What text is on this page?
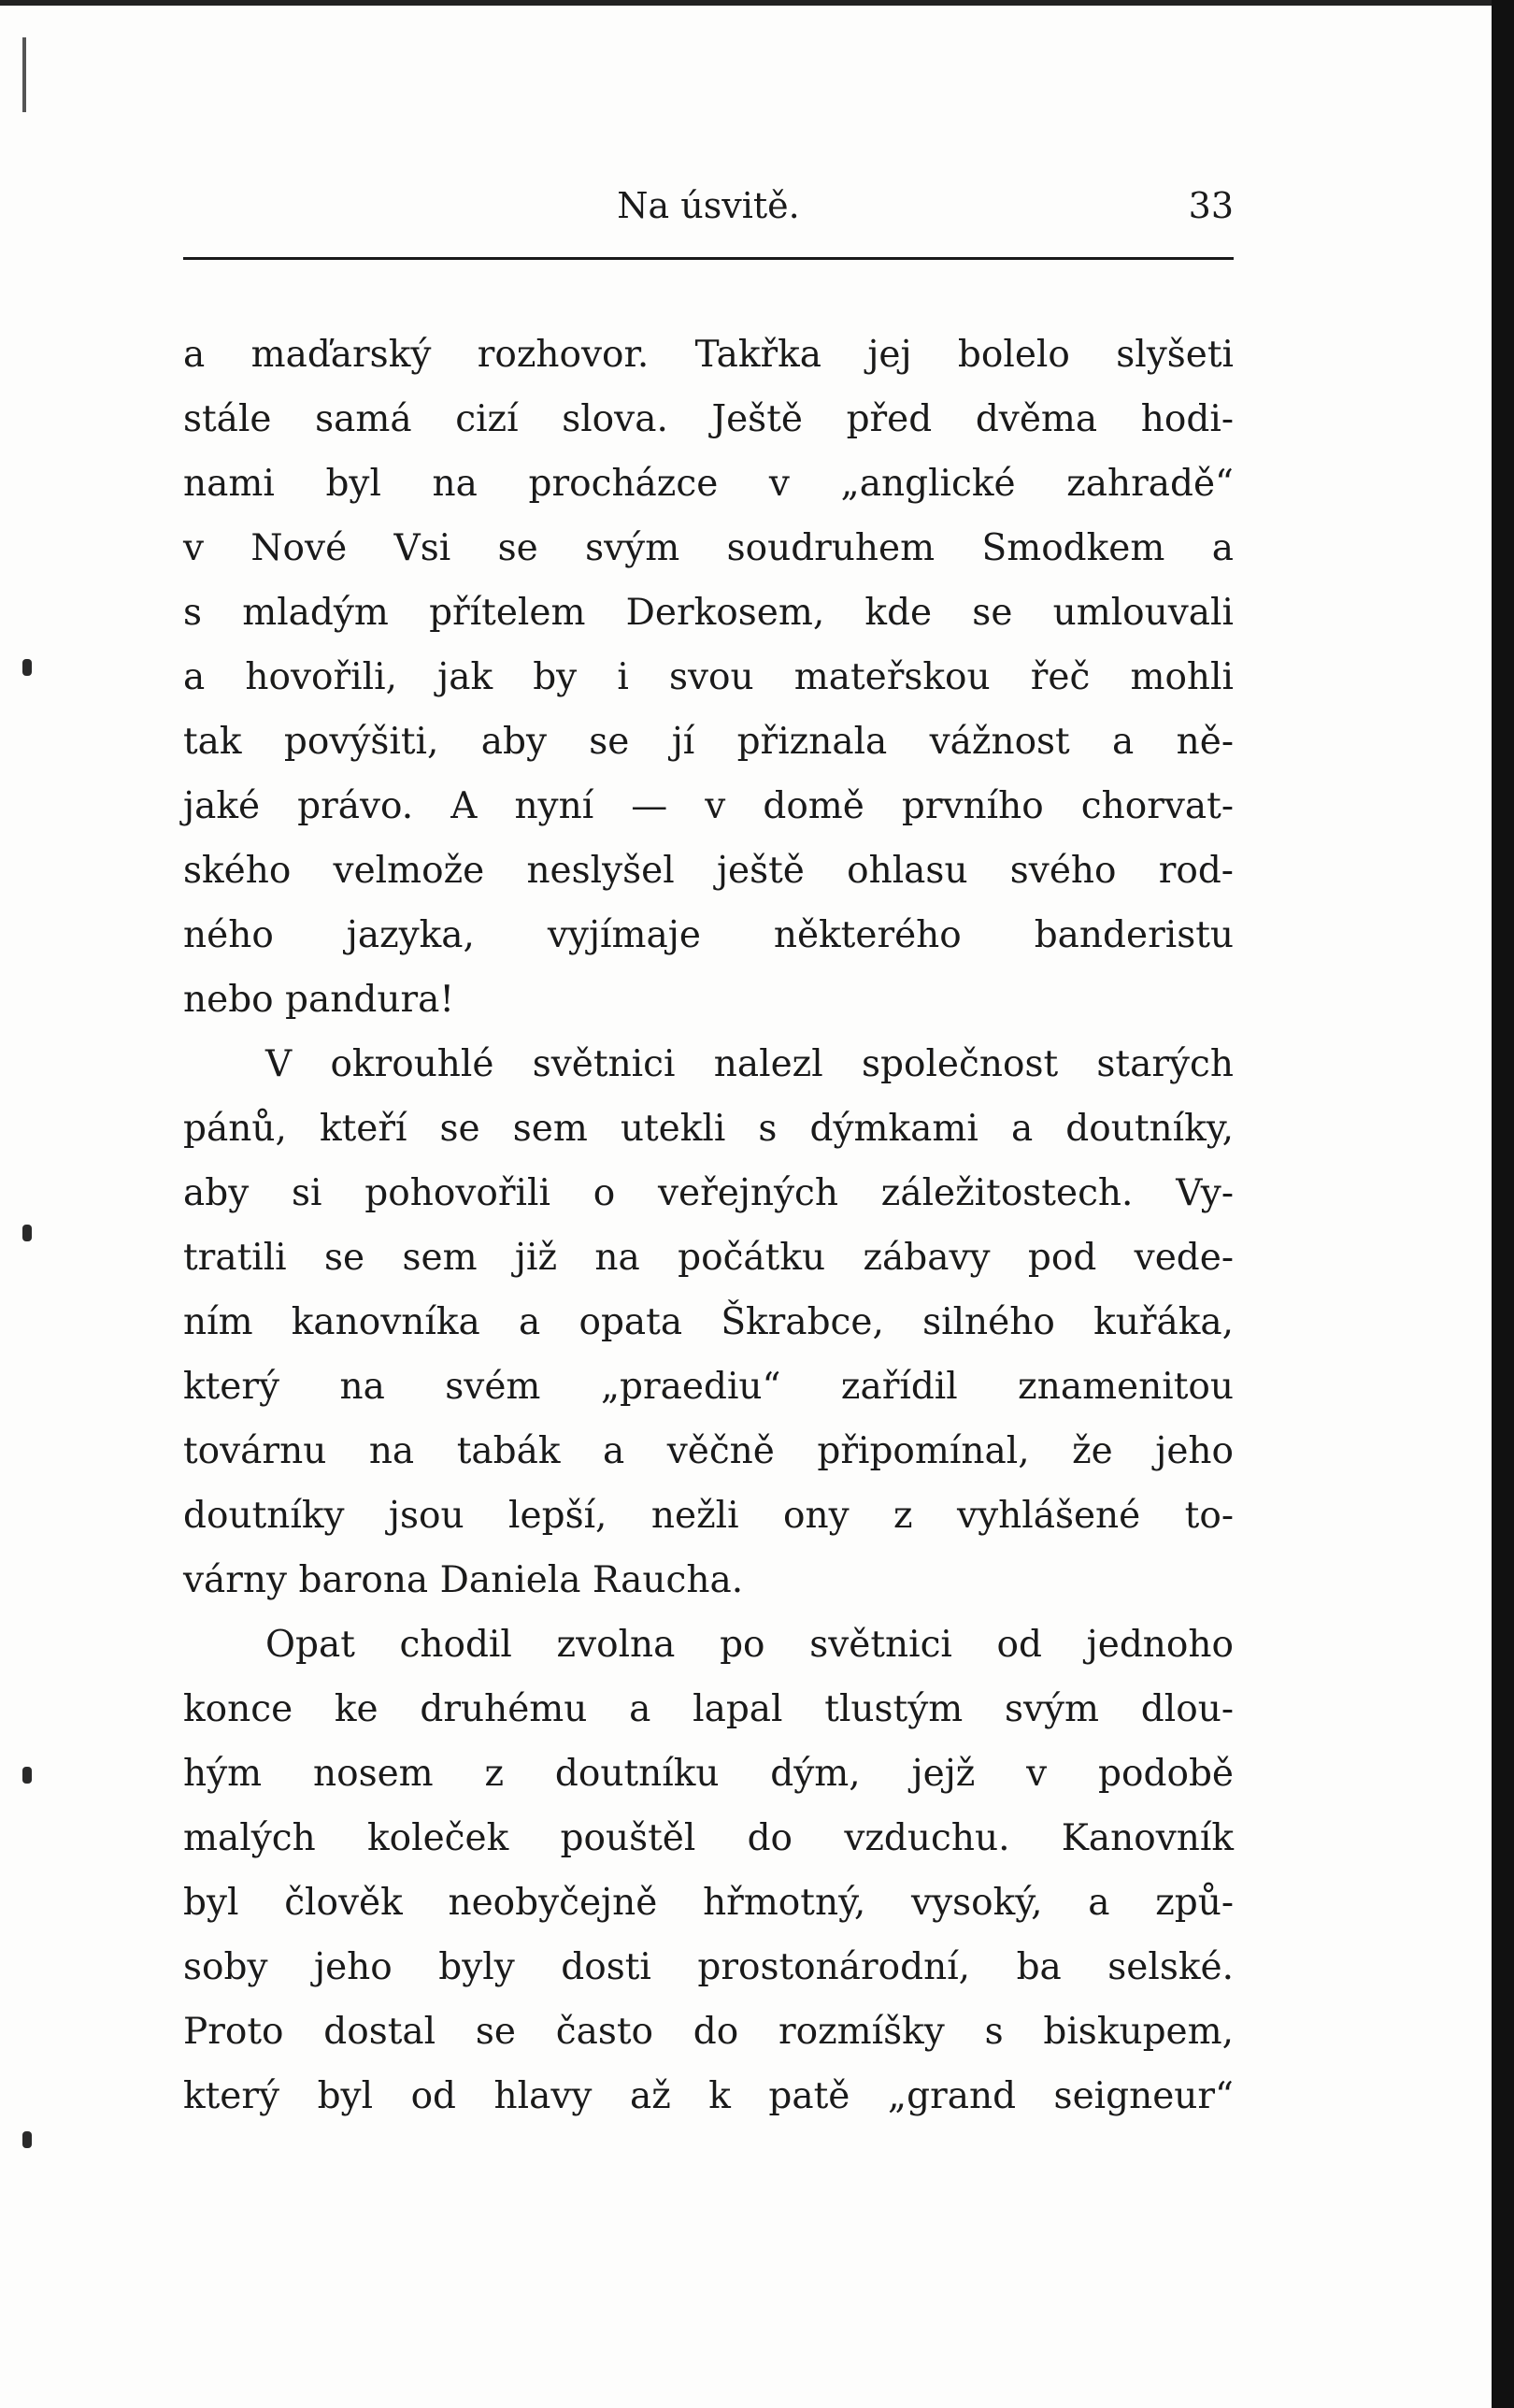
Na úsvitě.	33
a maďarský rozhovor. Takřka jej bolelo slyšeti
stále samá cizí slova. Ještě před dvěma hodi-
nami byl na procházce v „anglické zahradě“
v Nové Vsi se svým soudruhem Smodkem a
s mladým přítelem Derkosem, kde se umlouvali
a hovořili, jak by i svou mateřskou řeč mohli
tak povýšiti, aby se jí přiznala vážnost a ně-
jaké právo. A nyní — v domě prvního chorvat-
ského velmože neslyšel ještě ohlasu svého rod-
ného jazyka, vyjímaje některého banderistu
nebo pandura!
V okrouhlé světnici nalezl společnost starých
pánů, kteří se sem utekli s dýmkami a doutníky,
aby si pohovořili o veřejných záležitostech. Vy-
tratili se sem již na počátku zábavy pod vede-
ním kanovníka a opata Škrabce, silného kuřáka,
který na svém „praediu“ zařídil znamenitou
továrnu na tabák a věčně připomínal, že jeho
doutníky jsou lepší, nežli ony z vyhlášené to-
várny barona Daniela Raucha.
Opat chodil zvolna po světnici od jednoho
konce ke druhému a lapal tlustým svým dlou-
hým nosem z doutníku dým, jejž v podobě
malých koleček pouštěl do vzduchu. Kanovník
byl člověk neobyčejně hřmotný, vysoký, a způ-
soby jeho byly dosti prostonárodní, ba selské.
Proto dostal se často do rozmíšky s biskupem,
který byl od hlavy až k patě „grand seigneur“
